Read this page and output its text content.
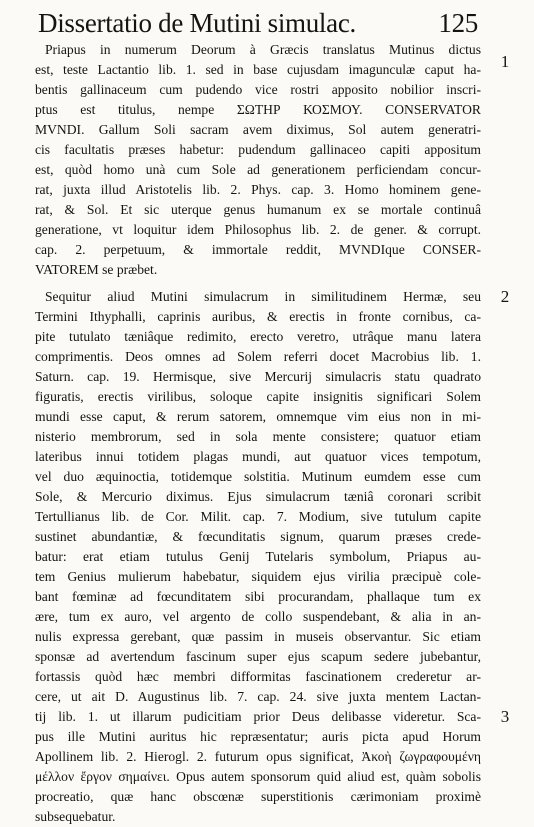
Dissertatio de Mutini simulac.	125
1
2
3
Priapus in numerum Deorum à Græcis translatus Mutinus dictus
est, teste Lactantio lib. 1. sed in base cujusdam imagunculæ caput ha-
bentis gallinaceum cum pudendo vice rostri apposito nobilior inscri-
ptus est titulus, nempe ΣΩΤΗΡ ΚΟΣΜΟΥ. CONSERVATOR
MVNDI. Gallum Soli sacram avem diximus, Sol autem generatri-
cis facultatis præses habetur: pudendum gallinaceo capiti appositum
est, quòd homo unà cum Sole ad generationem perficiendam concur-
rat, juxta illud Aristotelis lib. 2. Phys. cap. 3. Homo hominem gene-
rat, & Sol. Et sic uterque genus humanum ex se mortale continuâ
generatione, vt loquitur idem Philosophus lib. 2. de gener. & corrupt.
cap. 2. perpetuum, & immortale reddit, MVNDIque CONSER-
VATOREM se præbet.
Sequitur aliud Mutini simulacrum in similitudinem Hermæ, seu
Termini Ithyphalli, caprinis auribus, & erectis in fronte cornibus, ca-
pite tutulato tæniâque redimito, erecto veretro, utrâque manu latera
comprimentis. Deos omnes ad Solem referri docet Macrobius lib. 1.
Saturn. cap. 19. Hermisque, sive Mercurij simulacris statu quadrato
figuratis, erectis virilibus, soloque capite insignitis significari Solem
mundi esse caput, & rerum satorem, omnemque vim eius non in mi-
nisterio membrorum, sed in sola mente consistere; quatuor etiam
lateribus innui totidem plagas mundi, aut quatuor vices tempotum,
vel duo æquinoctia, totidemque solstitia. Mutinum eumdem esse cum
Sole, & Mercurio diximus. Ejus simulacrum tæniâ coronari scribit
Tertullianus lib. de Cor. Milit. cap. 7. Modium, sive tutulum capite
sustinet abundantiæ, & fœcunditatis signum, quarum præses crede-
batur: erat etiam tutulus Genij Tutelaris symbolum, Priapus au-
tem Genius mulierum habebatur, siquidem ejus virilia præcipuè cole-
bant fœminæ ad fœcunditatem sibi procurandam, phallaque tum ex
ære, tum ex auro, vel argento de collo suspendebant, & alia in an-
nulis expressa gerebant, quæ passim in museis observantur. Sic etiam
sponsæ ad avertendum fascinum super ejus scapum sedere jubebantur,
fortassis quòd hæc membri difformitas fascinationem crederetur ar-
cere, ut ait D. Augustinus lib. 7. cap. 24. sive juxta mentem Lactan-
tij lib. 1. ut illarum pudicitiam prior Deus delibasse videretur. Sca-
pus ille Mutini auritus hic repræsentatur; auris picta apud Horum
Apollinem lib. 2. Hierogl. 2. futurum opus significat, Ἀκοὴ ζωγραφουμένη
μέλλον ἔργον σημαίνει. Opus autem sponsorum quid aliud est, quàm sobolis
procreatio, quæ hanc obscœnæ superstitionis cærimoniam proximè
subsequebatur.
